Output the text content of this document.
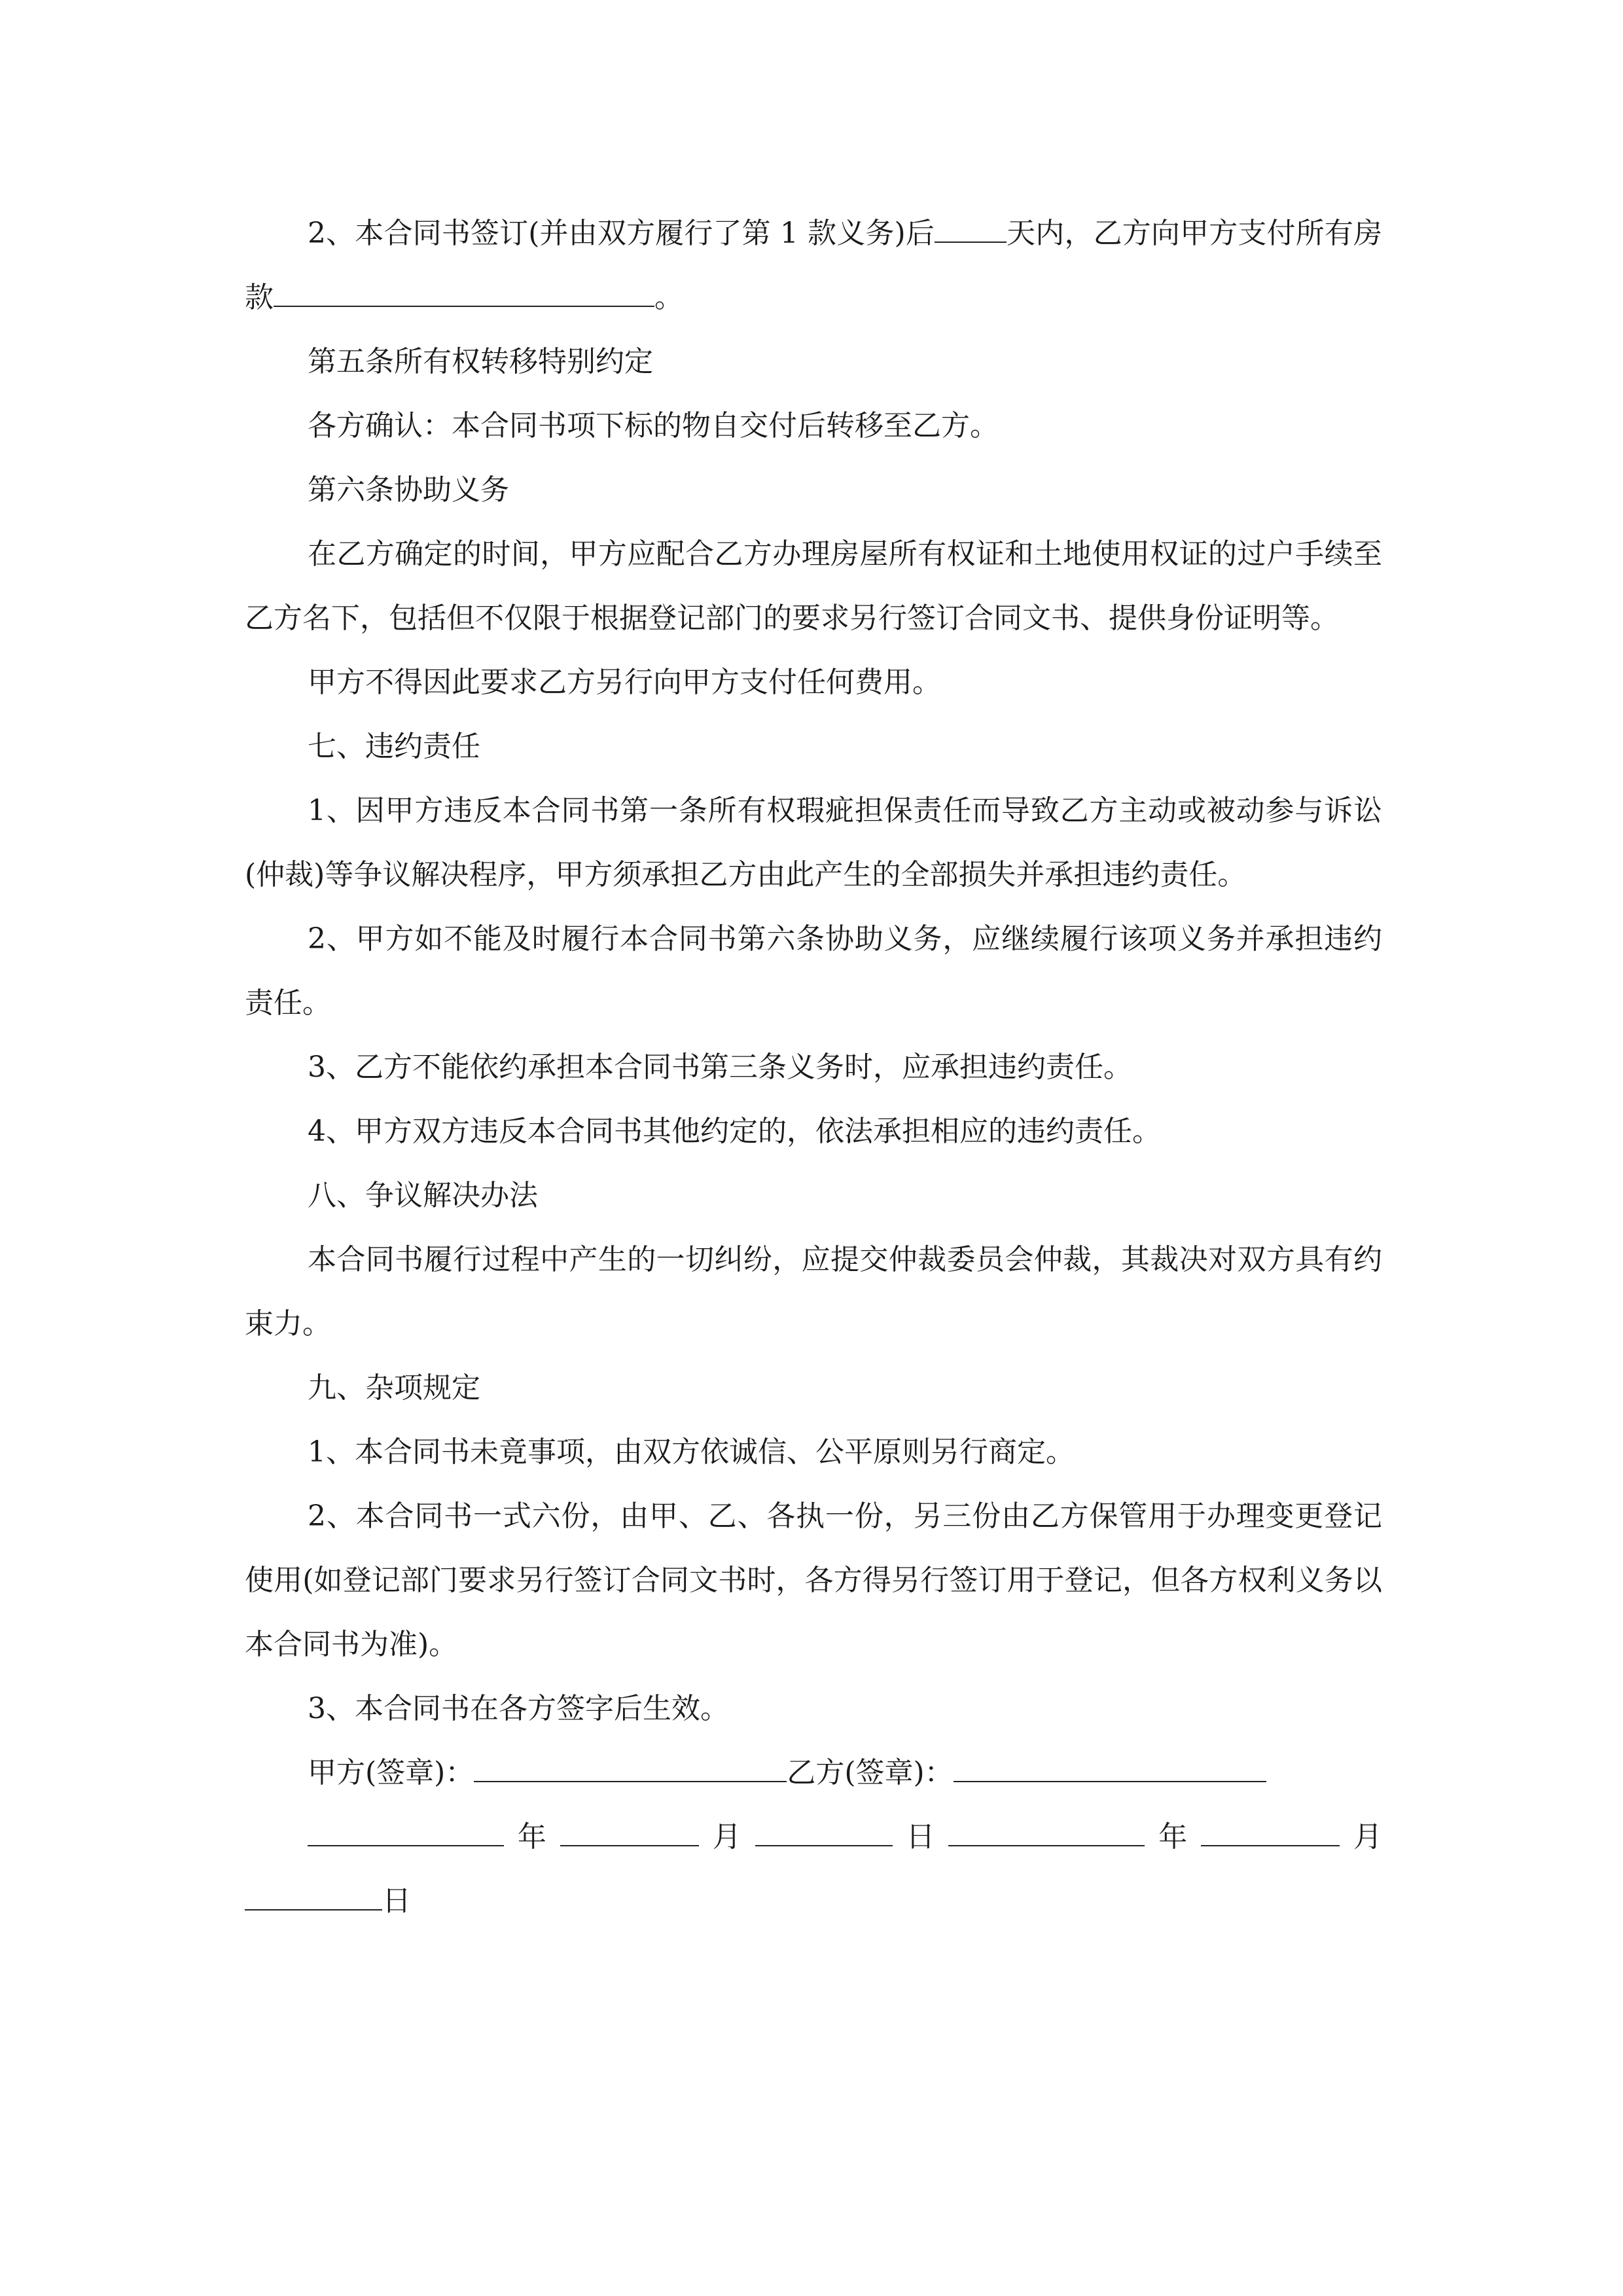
2、本合同书签订(并由双方履行了第 1 款义务)后	天内，乙方向甲方支付所有房款	。

第五条所有权转移特别约定

各方确认：本合同书项下标的物自交付后转移至乙方。

第六条协助义务

在乙方确定的时间，甲方应配合乙方办理房屋所有权证和土地使用权证的过户手续至乙方名下，包括但不仅限于根据登记部门的要求另行签订合同文书、提供身份证明等。

甲方不得因此要求乙方另行向甲方支付任何费用。

七、违约责任

1、因甲方违反本合同书第一条所有权瑕疵担保责任而导致乙方主动或被动参与诉讼(仲裁)等争议解决程序，甲方须承担乙方由此产生的全部损失并承担违约责任。

2、甲方如不能及时履行本合同书第六条协助义务，应继续履行该项义务并承担违约责任。

3、乙方不能依约承担本合同书第三条义务时，应承担违约责任。

4、甲方双方违反本合同书其他约定的，依法承担相应的违约责任。

八、争议解决办法

本合同书履行过程中产生的一切纠纷，应提交仲裁委员会仲裁，其裁决对双方具有约束力。

九、杂项规定

1、本合同书未竟事项，由双方依诚信、公平原则另行商定。

2、本合同书一式六份，由甲、乙、各执一份，另三份由乙方保管用于办理变更登记使用(如登记部门要求另行签订合同文书时，各方得另行签订用于登记，但各方权利义务以本合同书为准)。

3、本合同书在各方签字后生效。

甲方(签章)：	乙方(签章)：

年	月	日	年	月日
